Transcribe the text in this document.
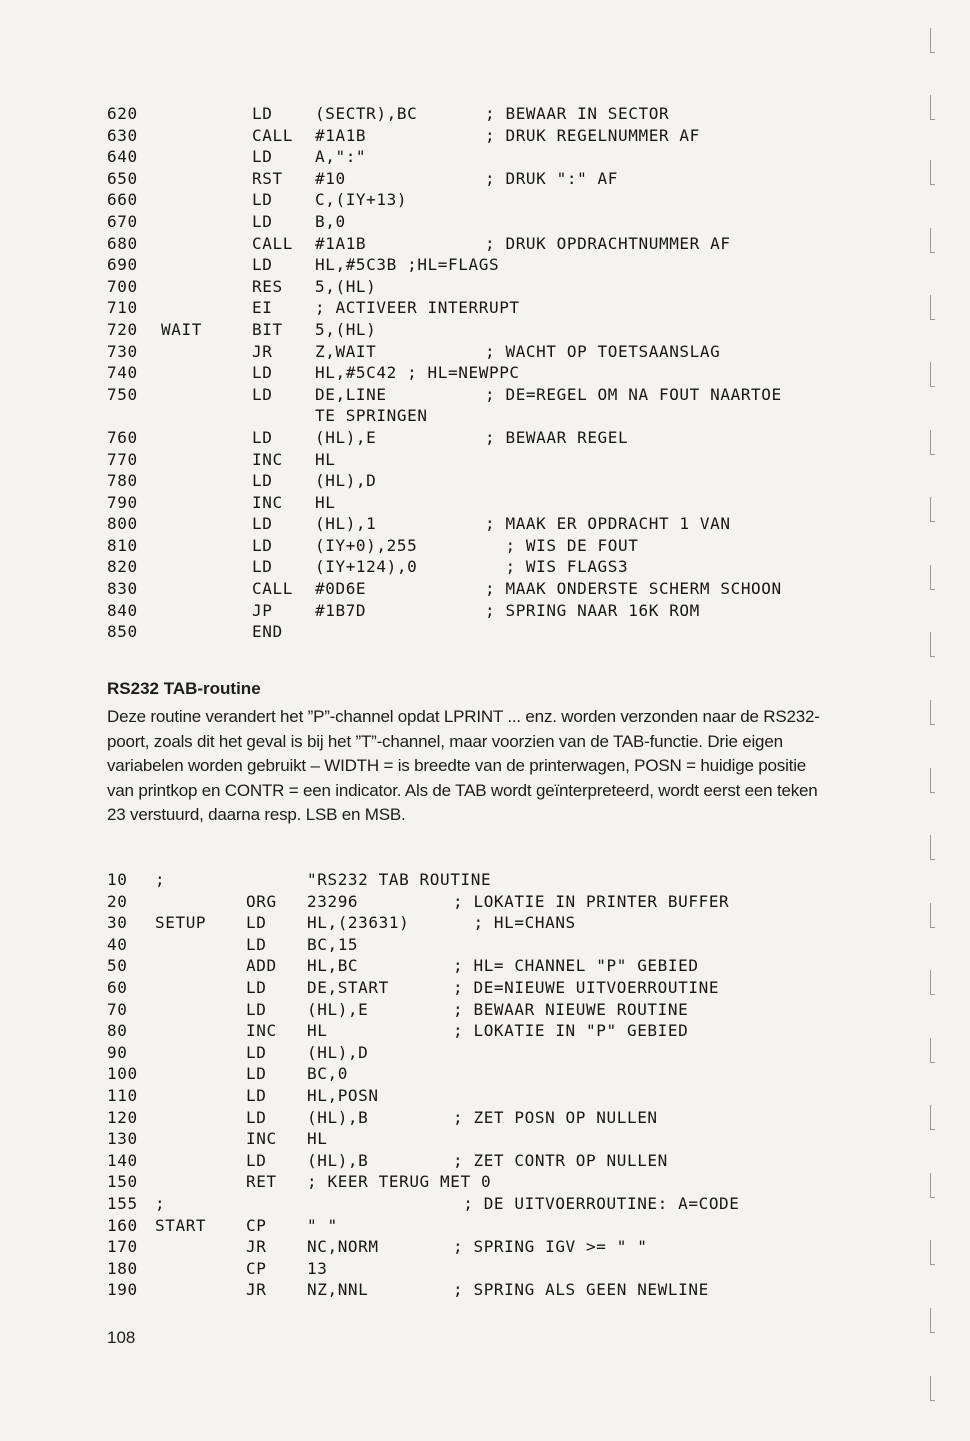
620	LD	(SECTR),BC	; BEWAAR IN SECTOR
630	CALL #1A1B	; DRUK REGELNUMMER AF
640	LD	A,":"
650	RST #10	; DRUK ":" AF
660	LD	C,(IY+13)
670	LD	B,0
680	CALL #1A1B	; DRUK OPDRACHTNUMMER AF
690	LD	HL,#5C3B ;HL=FLAGS
700	RES 5,(HL)
710	EI	; ACTIVEER INTERRUPT
720 WAIT	BIT 5,(HL)
730	JR	Z,WAIT	; WACHT OP TOETSAANSLAG
740	LD	HL,#5C42 ; HL=NEWPPC
750	LD	DE,LINE	; DE=REGEL OM NA FOUT NAARTOE
TE SPRINGEN
760	LD	(HL),E	; BEWAAR REGEL
770	INC HL
780	LD	(HL),D
790	INC HL
800	LD	(HL),1	; MAAK ER OPDRACHT 1 VAN
810	LD	(IY+0),255	; WIS DE FOUT
820	LD	(IY+124),0	; WIS FLAGS3
830	CALL #0D6E	; MAAK ONDERSTE SCHERM SCHOON
840	JP	#1B7D	; SPRING NAAR 16K ROM
850	END
RS232 TAB-routine
Deze routine verandert het ”P”-channel opdat LPRINT ... enz. worden verzonden naar de RS232-poort, zoals dit het geval is bij het ”T”-channel, maar voorzien van de TAB-functie. Drie eigen variabelen worden gebruikt – WIDTH = is breedte van de printerwagen, POSN = huidige positie van printkop en CONTR = een indicator. Als de TAB wordt geïnterpreteerd, wordt eerst een teken 23 verstuurd, daarna resp. LSB en MSB.
10 ;	"RS232 TAB ROUTINE
20	ORG 23296	; LOKATIE IN PRINTER BUFFER
30 SETUP LD	HL,(23631)	; HL=CHANS
40	LD	BC,15
50	ADD HL,BC	; HL= CHANNEL "P" GEBIED
60	LD	DE,START	; DE=NIEUWE UITVOERROUTINE
70	LD	(HL),E	; BEWAAR NIEUWE ROUTINE
80	INC HL	; LOKATIE IN "P" GEBIED
90	LD	(HL),D
100	LD	BC,0
110	LD	HL,POSN
120	LD	(HL),B	; ZET POSN OP NULLEN
130	INC HL
140	LD	(HL),B	; ZET CONTR OP NULLEN
150	RET ; KEER TERUG MET 0
155 ;	; DE UITVOERROUTINE: A=CODE
160 START CP	" "
170	JR	NC,NORM	; SPRING IGV >= " "
180	CP	13
190	JR	NZ,NNL	; SPRING ALS GEEN NEWLINE
108
